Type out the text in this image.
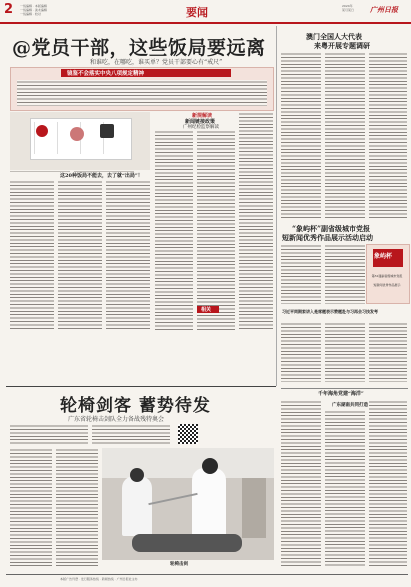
2 一线编辑 · 本版编辑
一线编辑 · 美术编辑
一线编辑 · 校对	要闻	2024年
某月某日 广州日报
@党员干部，这些饭局要远离
和谁吃，在哪吃，谁买单？党员干部要心有“戒尺”
镜鉴不会落实中央八项规定精神
这20种饭局不能去，去了就“出局”！
新规解读
新闻链接政策
广州纪检监察解读
相关
澳门全国人大代表
来粤开展专题调研
“象屿杯”副省级城市党报
短新闻优秀作品展示活动启动
象屿杯
第31届副省级城市党报
短新闻优秀作品展示
习近平同期家讲入是席题表示赞题赴与习再会习技发考
千年海角党建“海洋”
广东湖南共同打造
轮椅剑客 蓄势待发
广东省轮椅击剑队全力备战残特奥会
轮椅击剑
本版广告刊登 · 发行服务热线 · 新闻热线 · 广州日报社主办
